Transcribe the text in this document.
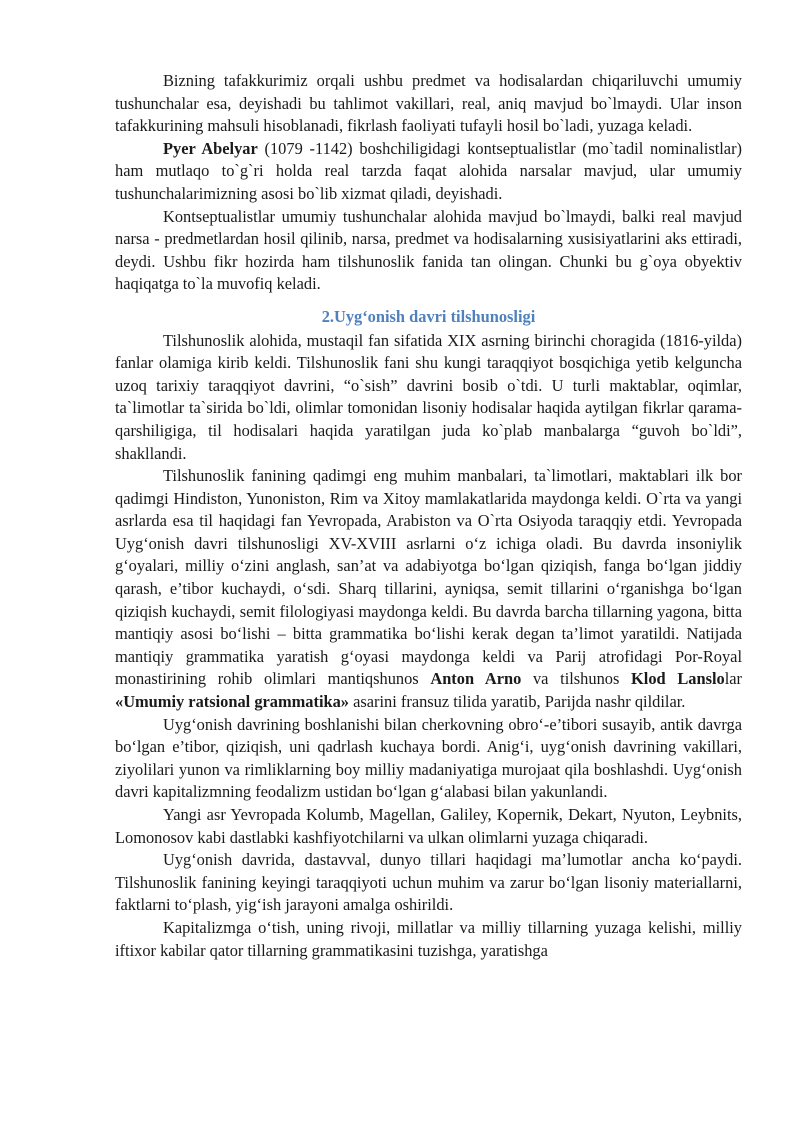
Bizning tafakkurimiz orqali ushbu predmet va hodisalardan chiqariluvchi umumiy tushunchalar esa, deyishadi bu tahlimot vakillari, real, aniq mavjud bo`lmaydi. Ular inson tafakkurining mahsuli hisoblanadi, fikrlash faoliyati tufayli hosil bo`ladi, yuzaga keladi.

Pyer Abelyar (1079 -1142) boshchiligidagi kontseptualistlar (mo`tadil nominalistlar) ham mutlaqo to`g`ri holda real tarzda faqat alohida narsalar mavjud, ular umumiy tushunchalarimizning asosi bo`lib xizmat qiladi, deyishadi.

Kontseptualistlar umumiy tushunchalar alohida mavjud bo`lmaydi, balki real mavjud narsa - predmetlardan hosil qilinib, narsa, predmet va hodisalarning xusisiyatlarini aks ettiradi, deydi. Ushbu fikr hozirda ham tilshunoslik fanida tan olingan. Chunki bu g`oya obyektiv haqiqatga to`la muvofiq keladi.

2.Uyg‘onish davri tilshunosligi

Tilshunoslik alohida, mustaqil fan sifatida XIX asrning birinchi choragida (1816-yilda) fanlar olamiga kirib keldi. Tilshunoslik fani shu kungi taraqqiyot bosqichiga yetib kelguncha uzoq tarixiy taraqqiyot davrini, “o`sish” davrini bosib o`tdi. U turli maktablar, oqimlar, ta`limotlar ta`sirida bo`ldi, olimlar tomonidan lisoniy hodisalar haqida aytilgan fikrlar qarama-qarshiligiga, til hodisalari haqida yaratilgan juda ko`plab manbalarga “guvoh bo`ldi”, shakllandi.

Tilshunoslik fanining qadimgi eng muhim manbalari, ta`limotlari, maktablari ilk bor qadimgi Hindiston, Yunoniston, Rim va Xitoy mamlakatlarida maydonga keldi. O`rta va yangi asrlarda esa til haqidagi fan Yevropada, Arabiston va O`rta Osiyoda taraqqiy etdi. Yevropada Uyg‘onish davri tilshunosligi XV-XVIII asrlarni o‘z ichiga oladi. Bu davrda insoniylik g‘oyalari, milliy o‘zini anglash, san’at va adabiyotga bo‘lgan qiziqish, fanga bo‘lgan jiddiy qarash, e’tibor kuchaydi, o‘sdi. Sharq tillarini, ayniqsa, semit tillarini o‘rganishga bo‘lgan qiziqish kuchaydi, semit filologiyasi maydonga keldi. Bu davrda barcha tillarning yagona, bitta mantiqiy asosi bo‘lishi – bitta grammatika bo‘lishi kerak degan ta’limot yaratildi. Natijada mantiqiy grammatika yaratish g‘oyasi maydonga keldi va Parij atrofidagi Por-Royal monastirining rohib olimlari mantiqshunos Anton Arno va tilshunos Klod Lanslolar «Umumiy ratsional grammatika» asarini fransuz tilida yaratib, Parijda nashr qildilar.

Uyg‘onish davrining boshlanishi bilan cherkovning obro‘-e’tibori susayib, antik davrga bo‘lgan e’tibor, qiziqish, uni qadrlash kuchaya bordi. Anig‘i, uyg‘onish davrining vakillari, ziyolilari yunon va rimliklarning boy milliy madaniyatiga murojaat qila boshlashdi. Uyg‘onish davri kapitalizmning feodalizm ustidan bo‘lgan g‘alabasi bilan yakunlandi.

Yangi asr Yevropada Kolumb, Magellan, Galiley, Kopernik, Dekart, Nyuton, Leybnits, Lomonosov kabi dastlabki kashfiyotchilarni va ulkan olimlarni yuzaga chiqaradi.

Uyg‘onish davrida, dastavval, dunyo tillari haqidagi ma’lumotlar ancha ko‘paydi. Tilshunoslik fanining keyingi taraqqiyoti uchun muhim va zarur bo‘lgan lisoniy materiallarni, faktlarni to‘plash, yig‘ish jarayoni amalga oshirildi.

Kapitalizmga o‘tish, uning rivoji, millatlar va milliy tillarning yuzaga kelishi, milliy iftixor kabilar qator tillarning grammatikasini tuzishga, yaratishga
